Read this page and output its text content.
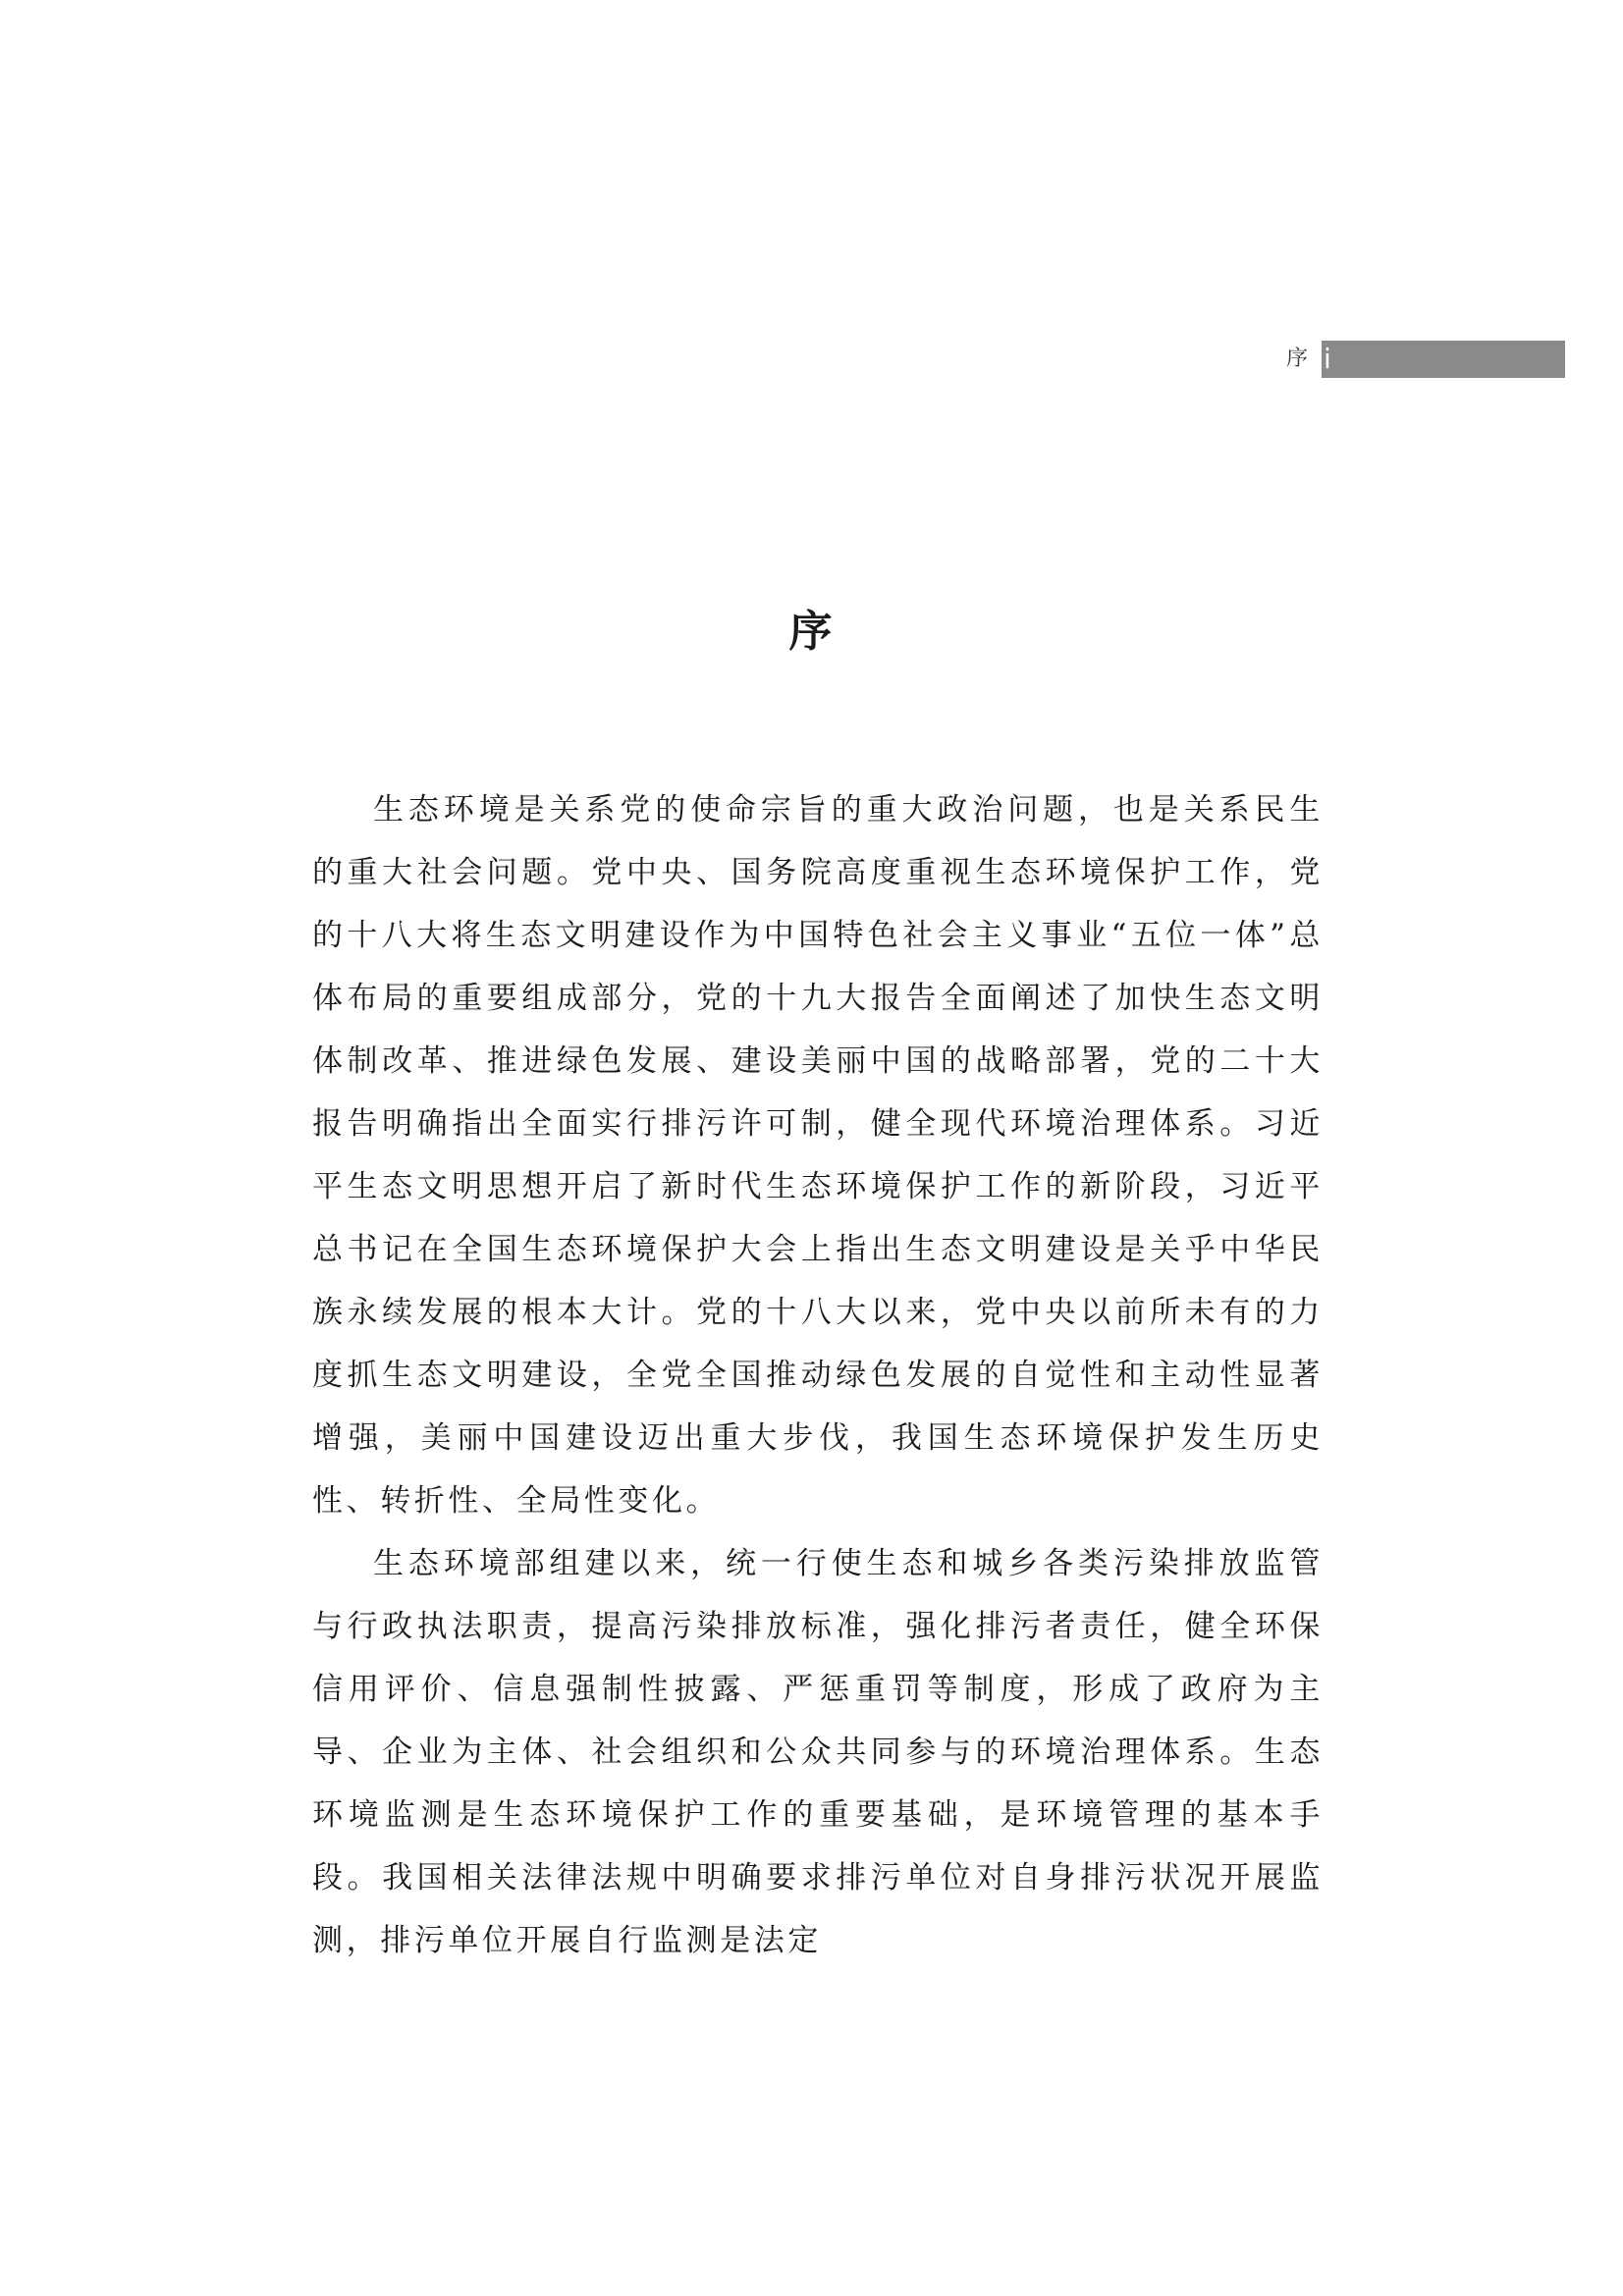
序 i
序

生态环境是关系党的使命宗旨的重大政治问题，也是关系民生的重大社会问题。党中央、国务院高度重视生态环境保护工作，党的十八大将生态文明建设作为中国特色社会主义事业“五位一体”总体布局的重要组成部分，党的十九大报告全面阐述了加快生态文明体制改革、推进绿色发展、建设美丽中国的战略部署，党的二十大报告明确指出全面实行排污许可制，健全现代环境治理体系。习近平生态文明思想开启了新时代生态环境保护工作的新阶段，习近平总书记在全国生态环境保护大会上指出生态文明建设是关乎中华民族永续发展的根本大计。党的十八大以来，党中央以前所未有的力度抓生态文明建设，全党全国推动绿色发展的自觉性和主动性显著增强，美丽中国建设迈出重大步伐，我国生态环境保护发生历史性、转折性、全局性变化。

生态环境部组建以来，统一行使生态和城乡各类污染排放监管与行政执法职责，提高污染排放标准，强化排污者责任，健全环保信用评价、信息强制性披露、严惩重罚等制度，形成了政府为主导、企业为主体、社会组织和公众共同参与的环境治理体系。生态环境监测是生态环境保护工作的重要基础，是环境管理的基本手段。我国相关法律法规中明确要求排污单位对自身排污状况开展监测，排污单位开展自行监测是法定
